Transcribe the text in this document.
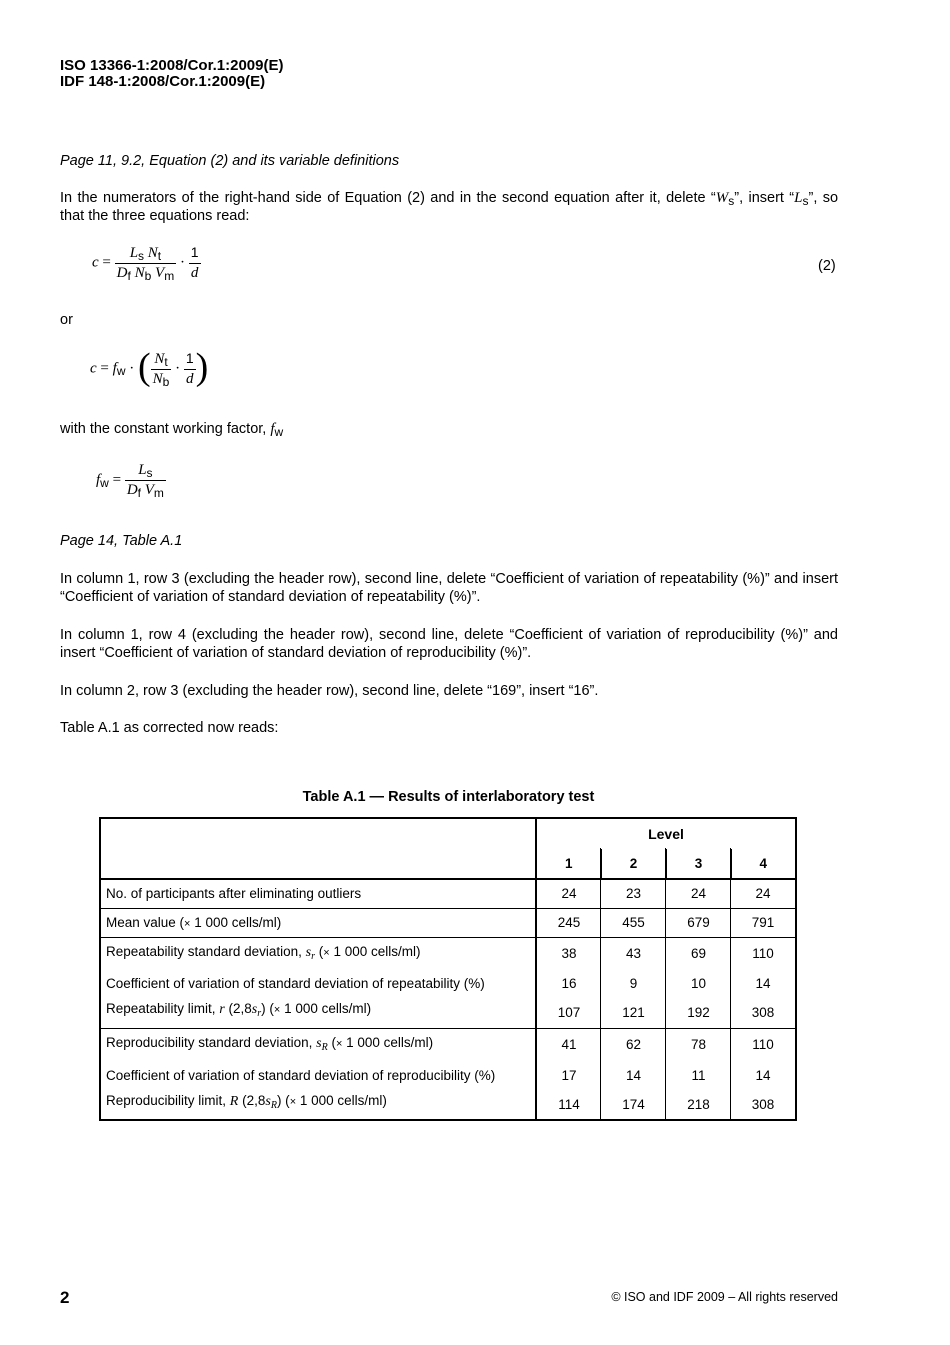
ISO 13366-1:2008/Cor.1:2009(E)
IDF 148-1:2008/Cor.1:2009(E)
Page 11, 9.2, Equation (2) and its variable definitions
In the numerators of the right-hand side of Equation (2) and in the second equation after it, delete “$W_s$”, insert “$L_s$”, so that the three equations read:
$c = \frac{L_s N_t}{D_f N_b V_m} \cdot \frac{1}{d}$	(2)
or
$c = f_w$ · ( $\frac{N_t}{N_b} \cdot \frac{1}{d}$ )
with the constant working factor, $f_w$
$f_w = \frac{L_s}{D_f V_m}$
Page 14, Table A.1
In column 1, row 3 (excluding the header row), second line, delete “Coefficient of variation of repeatability (%)” and insert “Coefficient of variation of standard deviation of repeatability (%)”.
In column 1, row 4 (excluding the header row), second line, delete “Coefficient of variation of reproducibility (%)” and insert “Coefficient of variation of standard deviation of reproducibility (%)”.
In column 2, row 3 (excluding the header row), second line, delete “169”, insert “16”.
Table A.1 as corrected now reads:
Table A.1 — Results of interlaboratory test
	Level			
	1	2	3	4
No. of participants after eliminating outliers	24	23	24	24
Mean value (× 1 000 cells/ml)	245	455	679	791
Repeatability standard deviation, $s_r$ (× 1 000 cells/ml)	38	43	69	110
Coefficient of variation of standard deviation of repeatability (%)	16	9	10	14
Repeatability limit, r $(2,8s_r)$ (× 1 000 cells/ml)	107	121	192	308
Reproducibility standard deviation, $s_R$ (× 1 000 cells/ml)	41	62	78	110
Coefficient of variation of standard deviation of reproducibility (%)	17	14	11	14
Reproducibility limit, R $(2,8s_R)$ (× 1 000 cells/ml)	114	174	218	308
2	© ISO and IDF 2009 – All rights reserved
